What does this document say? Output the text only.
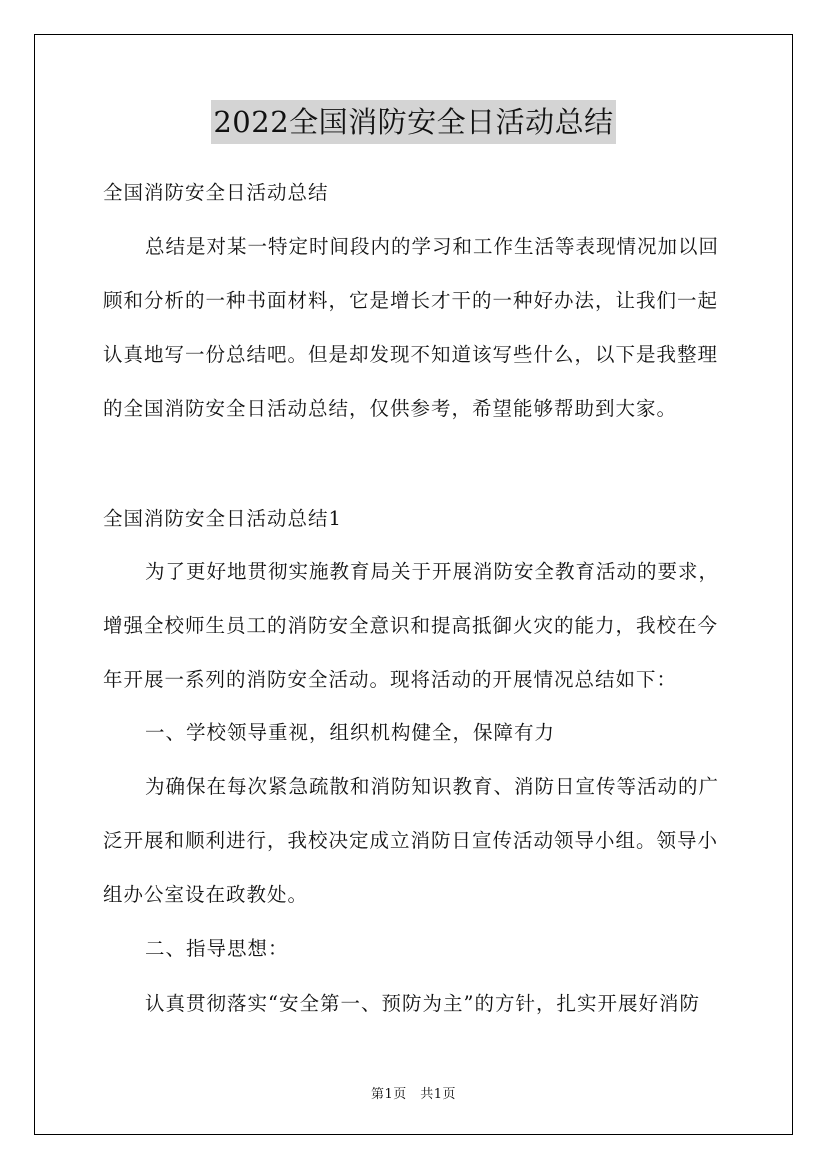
2022全国消防安全日活动总结
全国消防安全日活动总结
总结是对某一特定时间段内的学习和工作生活等表现情况加以回
顾和分析的一种书面材料，它是增长才干的一种好办法，让我们一起
认真地写一份总结吧。但是却发现不知道该写些什么，以下是我整理
的全国消防安全日活动总结，仅供参考，希望能够帮助到大家。
全国消防安全日活动总结1
为了更好地贯彻实施教育局关于开展消防安全教育活动的要求，
增强全校师生员工的消防安全意识和提高抵御火灾的能力，我校在今
年开展一系列的消防安全活动。现将活动的开展情况总结如下：
一、学校领导重视，组织机构健全，保障有力
为确保在每次紧急疏散和消防知识教育、消防日宣传等活动的广
泛开展和顺利进行，我校决定成立消防日宣传活动领导小组。领导小
组办公室设在政教处。
二、指导思想：
认真贯彻落实“安全第一、预防为主”的方针，扎实开展好消防
第1页　共1页
